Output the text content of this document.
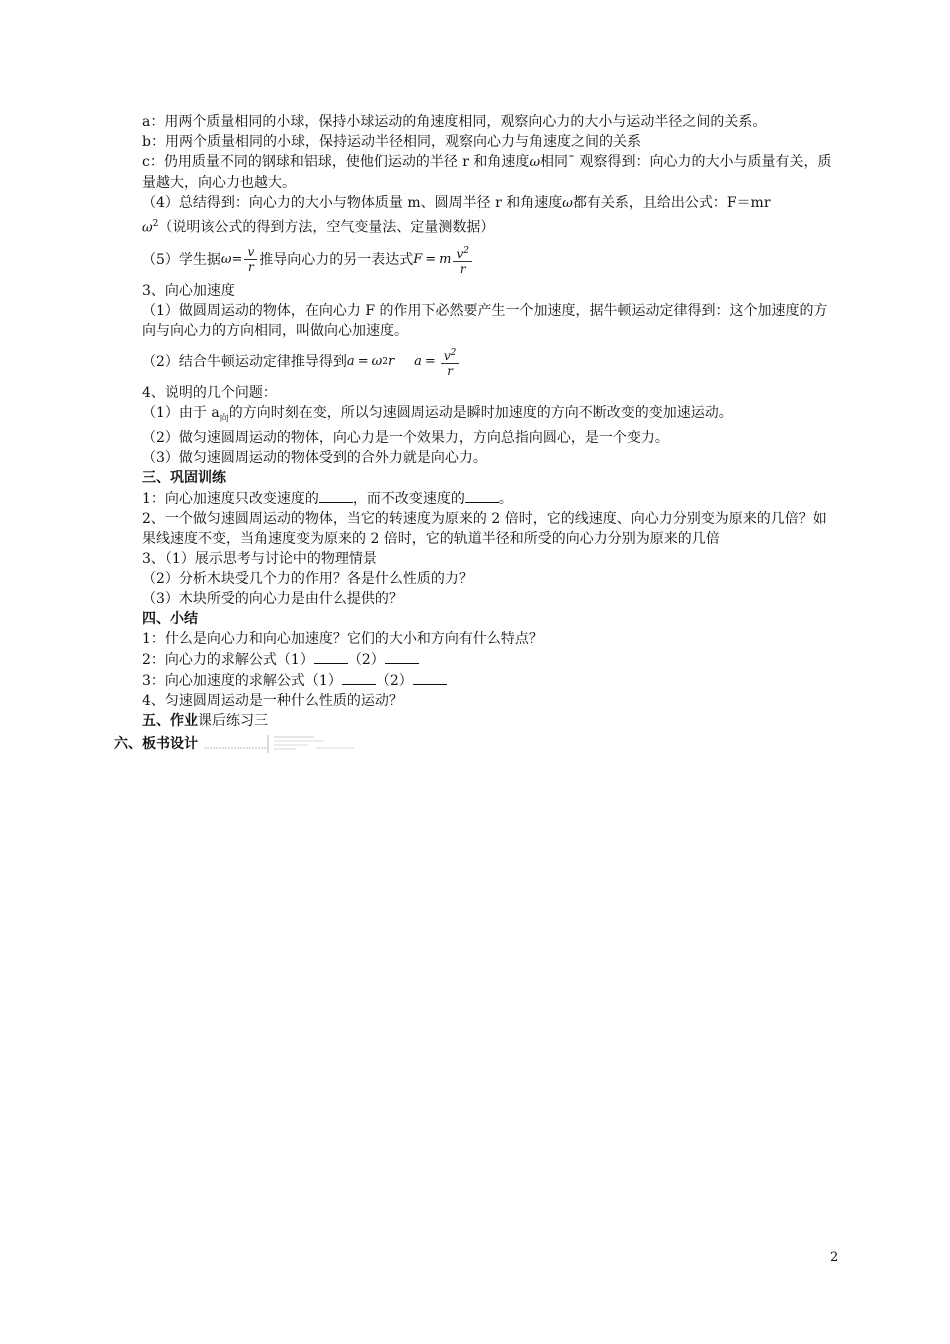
a：用两个质量相同的小球，保持小球运动的角速度相同，观察向心力的大小与运动半径之间的关系。
b：用两个质量相同的小球，保持运动半径相同，观察向心力与角速度之间的关系
c：仍用质量不同的钢球和铝球，使他们运动的半径 r 和角速度ω相同¯ 观察得到：向心力的大小与质量有关，质量越大，向心力也越大。
（4）总结得到：向心力的大小与物体质量 m、圆周半径 r 和角速度ω都有关系，且给出公式：F＝mr
$\omega^2$（说明该公式的得到方法，空气变量法、定量测数据）
（5）学生据 $\omega = \frac{v}{r}$ 推导向心力的另一表达式 F = m $\frac{v^2}{r}$
3、向心加速度
（1）做圆周运动的物体，在向心力 F 的作用下必然要产生一个加速度，据牛顿运动定律得到：这个加速度的方向与向心力的方向相同，叫做向心加速度。
（2）结合牛顿运动定律推导得到 a = ω 2 r $a = \frac{v^2}{r}$
4、说明的几个问题：
（1）由于 $a_向$的方向时刻在变，所以匀速圆周运动是瞬时加速度的方向不断改变的变加速运动。
（2）做匀速圆周运动的物体，向心力是一个效果力，方向总指向圆心，是一个变力。
（3）做匀速圆周运动的物体受到的合外力就是向心力。
三、巩固训练
1：向心加速度只改变速度的 ，而不改变速度的 。
2、一个做匀速圆周运动的物体，当它的转速度为原来的 2 倍时，它的线速度、向心力分别变为原来的几倍？如果线速度不变，当角速度变为原来的 2 倍时，它的轨道半径和所受的向心力分别为原来的几倍
3、（1）展示思考与讨论中的物理情景
（2）分析木块受几个力的作用？各是什么性质的力？
（3）木块所受的向心力是由什么提供的？
四、小结
1：什么是向心力和向心加速度？它们的大小和方向有什么特点？
2：向心力的求解公式（1） （2）
3：向心加速度的求解公式（1） （2）
4、匀速圆周运动是一种什么性质的运动？
五、作业课后练习三
六、板书设计
2
